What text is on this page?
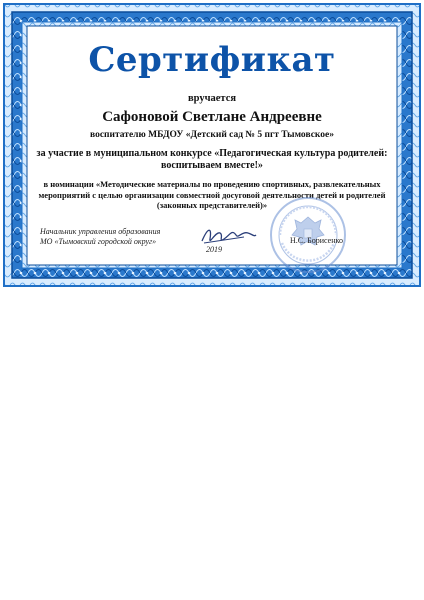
Сертификат
вручается
Сафоновой Светлане Андреевне
воспитателю МБДОУ «Детский сад № 5 пгт Тымовское»
за участие в муниципальном конкурсе «Педагогическая культура родителей:
воспитываем вместе!»
в номинации «Методические материалы по проведению спортивных, развлекательных
мероприятий с целью организации совместной досуговой деятельности детей и родителей
(законных представителей)»
Начальник управления образования
МО «Тымовский городской округ»
2019
Н.С. Борисенко
